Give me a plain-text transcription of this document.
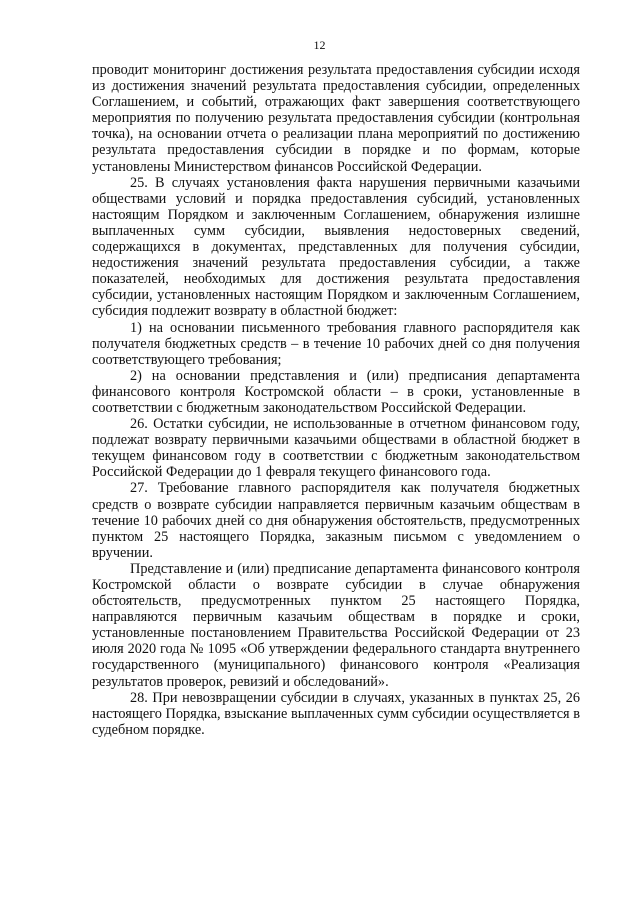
12

проводит мониторинг достижения результата предоставления субсидии исходя из достижения значений результата предоставления субсидии, определенных Соглашением, и событий, отражающих факт завершения соответствующего мероприятия по получению результата предоставления субсидии (контрольная точка), на основании отчета о реализации плана мероприятий по достижению результата предоставления субсидии в порядке и по формам, которые установлены Министерством финансов Российской Федерации.

25. В случаях установления факта нарушения первичными казачьими обществами условий и порядка предоставления субсидий, установленных настоящим Порядком и заключенным Соглашением, обнаружения излишне выплаченных сумм субсидии, выявления недостоверных сведений, содержащихся в документах, представленных для получения субсидии, недостижения значений результата предоставления субсидии, а также показателей, необходимых для достижения результата предоставления субсидии, установленных настоящим Порядком и заключенным Соглашением, субсидия подлежит возврату в областной бюджет:

1) на основании письменного требования главного распорядителя как получателя бюджетных средств – в течение 10 рабочих дней со дня получения соответствующего требования;

2) на основании представления и (или) предписания департамента финансового контроля Костромской области – в сроки, установленные в соответствии с бюджетным законодательством Российской Федерации.

26. Остатки субсидии, не использованные в отчетном финансовом году, подлежат возврату первичными казачьими обществами в областной бюджет в текущем финансовом году в соответствии с бюджетным законодательством Российской Федерации до 1 февраля текущего финансового года.

27. Требование главного распорядителя как получателя бюджетных средств о возврате субсидии направляется первичным казачьим обществам в течение 10 рабочих дней со дня обнаружения обстоятельств, предусмотренных пунктом 25 настоящего Порядка, заказным письмом с уведомлением о вручении.

Представление и (или) предписание департамента финансового контроля Костромской области о возврате субсидии в случае обнаружения обстоятельств, предусмотренных пунктом 25 настоящего Порядка, направляются первичным казачьим обществам в порядке и сроки, установленные постановлением Правительства Российской Федерации от 23 июля 2020 года № 1095 «Об утверждении федерального стандарта внутреннего государственного (муниципального) финансового контроля «Реализация результатов проверок, ревизий и обследований».

28. При невозвращении субсидии в случаях, указанных в пунктах 25, 26 настоящего Порядка, взыскание выплаченных сумм субсидии осуществляется в судебном порядке.
